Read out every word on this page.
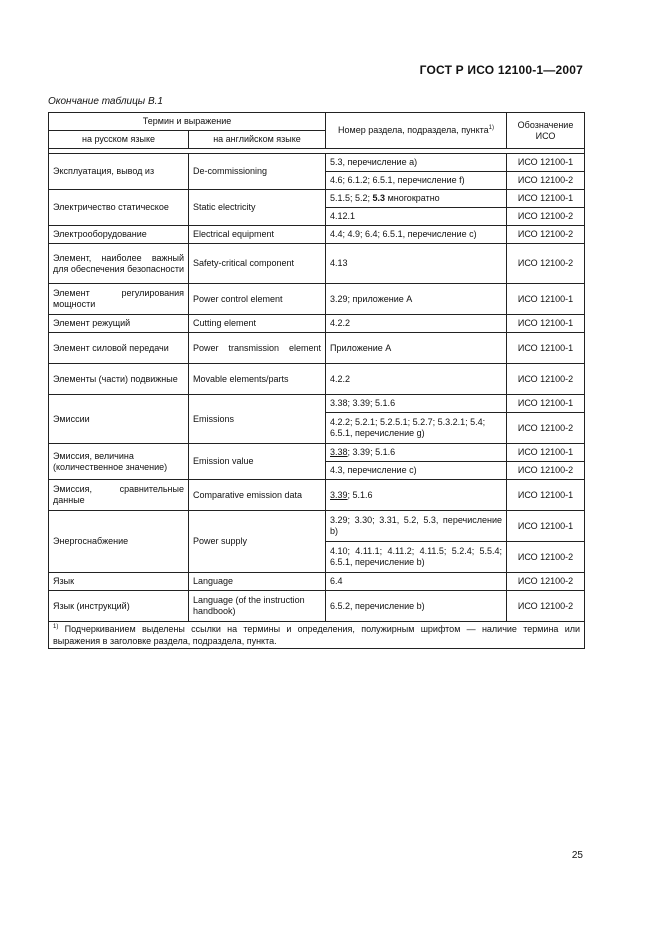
ГОСТ Р ИСО 12100-1—2007
Окончание таблицы В.1
Термин и выражение		Номер раздела, подраздела, пункта$^{1)}$	Обозначение ИСО
на русском языке	на английском языке		

Эксплуатация, вывод из	De-commissioning	5.3, перечисление а)	ИСО 12100-1
		4.6; 6.1.2; 6.5.1, перечисление f)	ИСО 12100-2
Электричество статическое	Static electricity	5.1.5; 5.2; 5.3 многократно	ИСО 12100-1
		4.12.1	ИСО 12100-2
Электрооборудование	Electrical equipment	4.4; 4.9; 6.4; 6.5.1, перечисление с)	ИСО 12100-2
Элемент, наиболее важный для обеспечения безопасности	Safety-critical component	4.13	ИСО 12100-2
Элемент регулирования мощности	Power control element	3.29; приложение А	ИСО 12100-1
Элемент режущий	Cutting element	4.2.2	ИСО 12100-1
Элемент силовой передачи	Power transmission element	Приложение А	ИСО 12100-1
Элементы (части) подвижные	Movable elements/parts	4.2.2	ИСО 12100-2
Эмиссии	Emissions	3.38; 3.39; 5.1.6	ИСО 12100-1
		4.2.2; 5.2.1; 5.2.5.1; 5.2.7; 5.3.2.1; 5.4; 6.5.1, перечисление g)	ИСО 12100-2
Эмиссия, величина (количественное значение)	Emission value	3.38; 3.39; 5.1.6	ИСО 12100-1
		4.3, перечисление с)	ИСО 12100-2
Эмиссия, сравнительные данные	Comparative emission data	3.39; 5.1.6	ИСО 12100-1
Энергоснабжение	Power supply	3.29; 3.30; 3.31, 5.2, 5.3, перечисление b)	ИСО 12100-1
		4.10; 4.11.1; 4.11.2; 4.11.5; 5.2.4; 5.5.4; 6.5.1, перечисление b)	ИСО 12100-2
Язык	Language	6.4	ИСО 12100-2
Язык (инструкций)	Language (of the instruction handbook)	6.5.2, перечисление b)	ИСО 12100-2
$^{1)}$ Подчеркиванием выделены ссылки на термины и определения, полужирным шрифтом — наличие термина или выражения в заголовке раздела, подраздела, пункта.			
25
